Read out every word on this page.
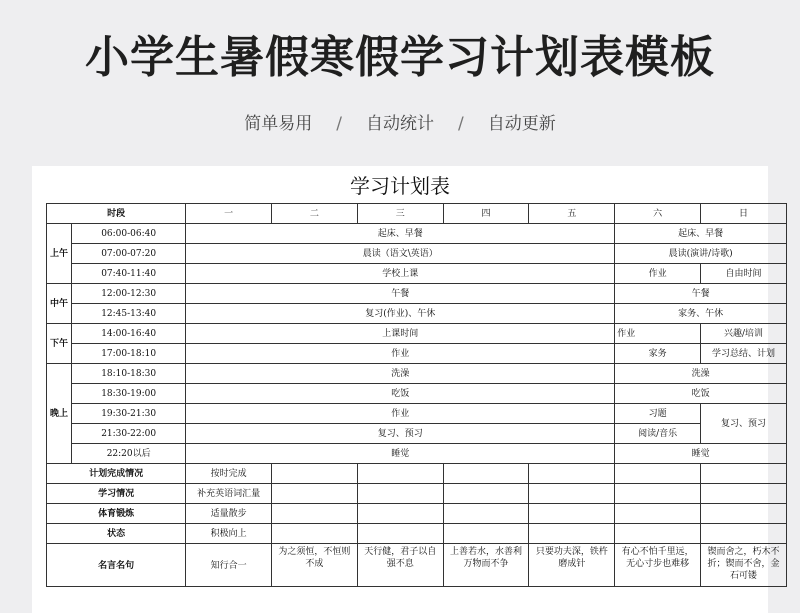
小学生暑假寒假学习计划表模板
简单易用 / 自动统计 / 自动更新
学习计划表
时段		一	二	三	四	五	六	日
上午	06:00-06:40	起床、早餐					起床、早餐	
	07:00-07:20	晨读（语文\英语）					晨读(演讲/诗歌)	
	07:40-11:40	学校上课					作业	自由时间
中午	12:00-12:30	午餐					午餐	
	12:45-13:40	复习(作业)、午休					家务、午休	
下午	14:00-16:40	上课时间					作业	兴趣/培训
	17:00-18:10	作业					家务	学习总结、计划
晚上	18:10-18:30	洗澡					洗澡	
	18:30-19:00	吃饭					吃饭	
	19:30-21:30	作业					习题	复习、预习
	21:30-22:00	复习、预习					阅读/音乐	
	22:20以后	睡觉					睡觉	
计划完成情况		按时完成						
学习情况		补充英语词汇量						
体育锻炼		适量散步						
状态		积极向上						
名言名句		知行合一	为之须恒，不恒则不成	天行健，君子以自强不息	上善若水，水善利万物而不争	只要功夫深，铁杵磨成针	有心不怕千里远，无心寸步也难移	锲而舍之，朽木不折；锲而不舍，金石可镂
